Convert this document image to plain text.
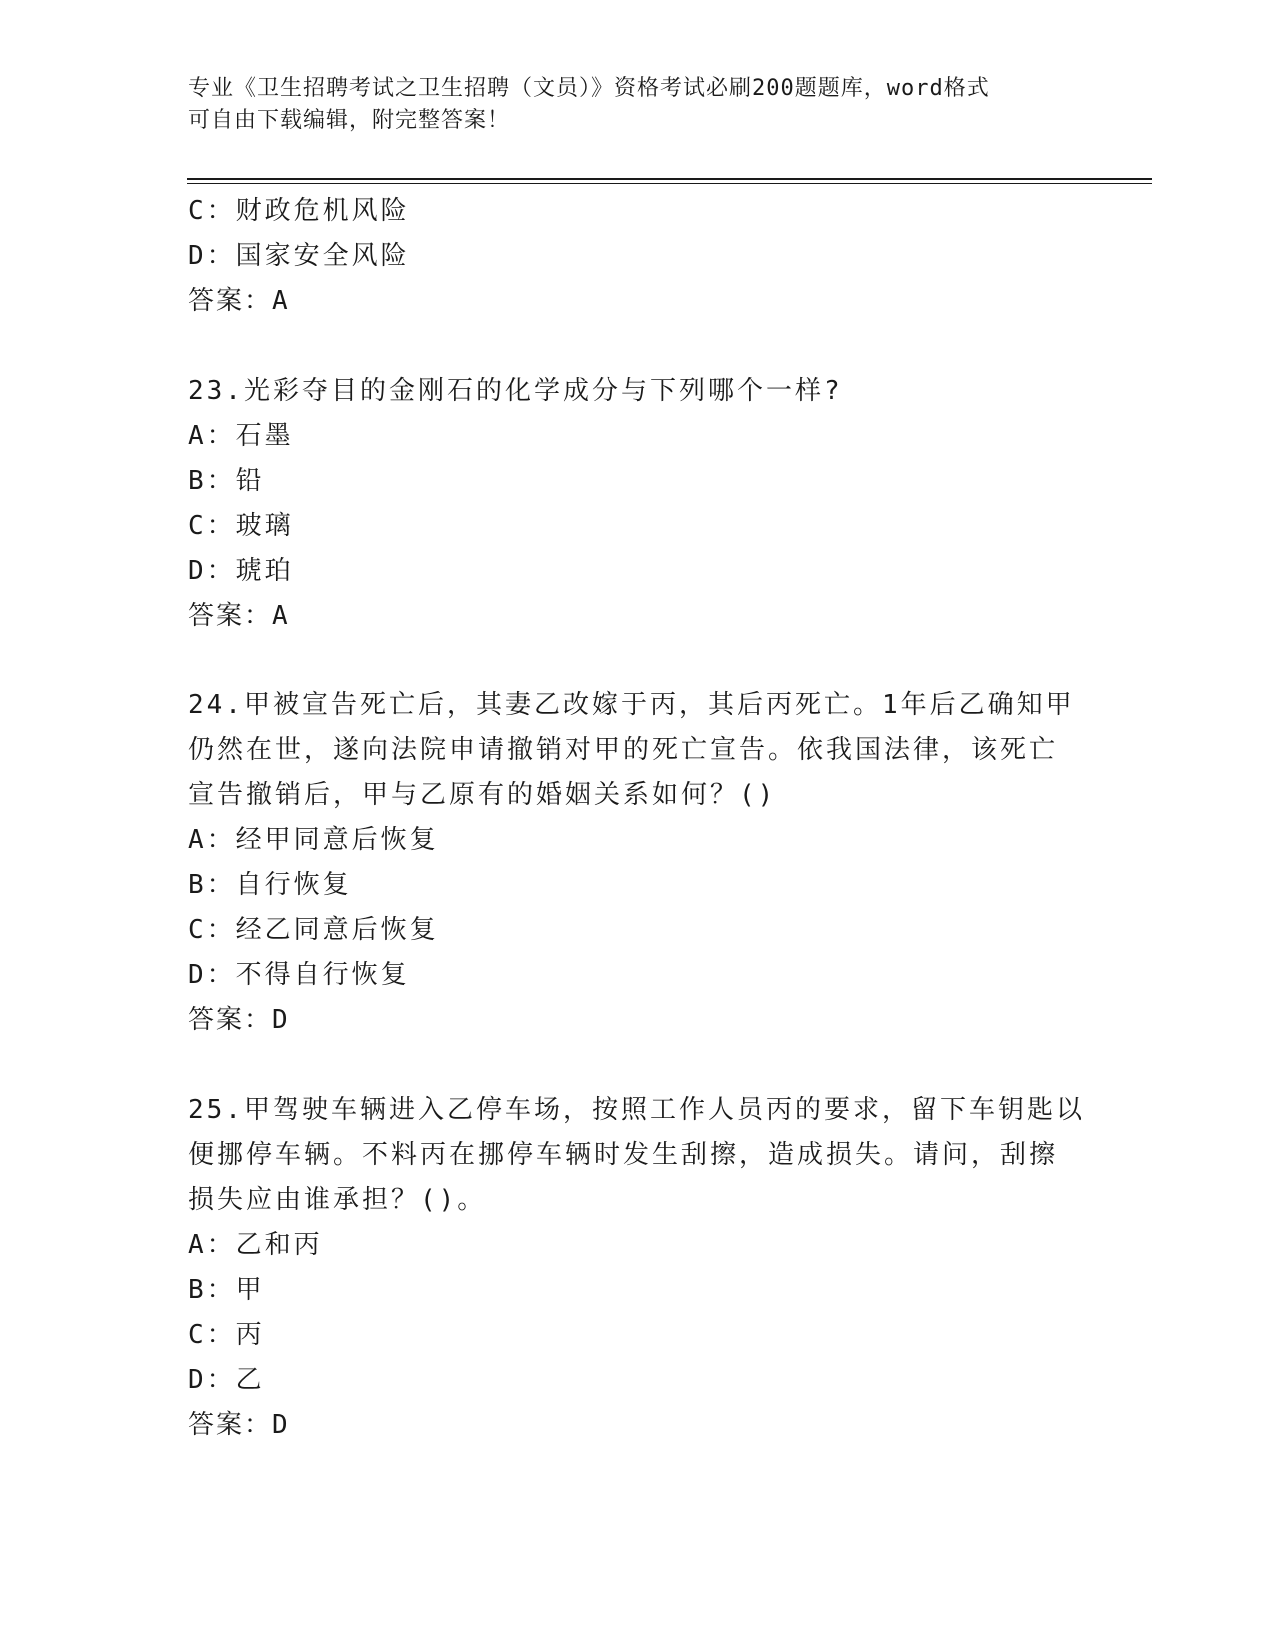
专业《卫生招聘考试之卫生招聘（文员）》资格考试必刷200题题库，word格式
可自由下载编辑，附完整答案！
C：财政危机风险
D：国家安全风险
答案：A
23.光彩夺目的金刚石的化学成分与下列哪个一样?
A：石墨
B：铅
C：玻璃
D：琥珀
答案：A
24.甲被宣告死亡后，其妻乙改嫁于丙，其后丙死亡。1年后乙确知甲
仍然在世，遂向法院申请撤销对甲的死亡宣告。依我国法律，该死亡
宣告撤销后，甲与乙原有的婚姻关系如何？()
A：经甲同意后恢复
B：自行恢复
C：经乙同意后恢复
D：不得自行恢复
答案：D
25.甲驾驶车辆进入乙停车场，按照工作人员丙的要求，留下车钥匙以
便挪停车辆。不料丙在挪停车辆时发生刮擦，造成损失。请问，刮擦
损失应由谁承担？()。
A：乙和丙
B：甲
C：丙
D：乙
答案：D
